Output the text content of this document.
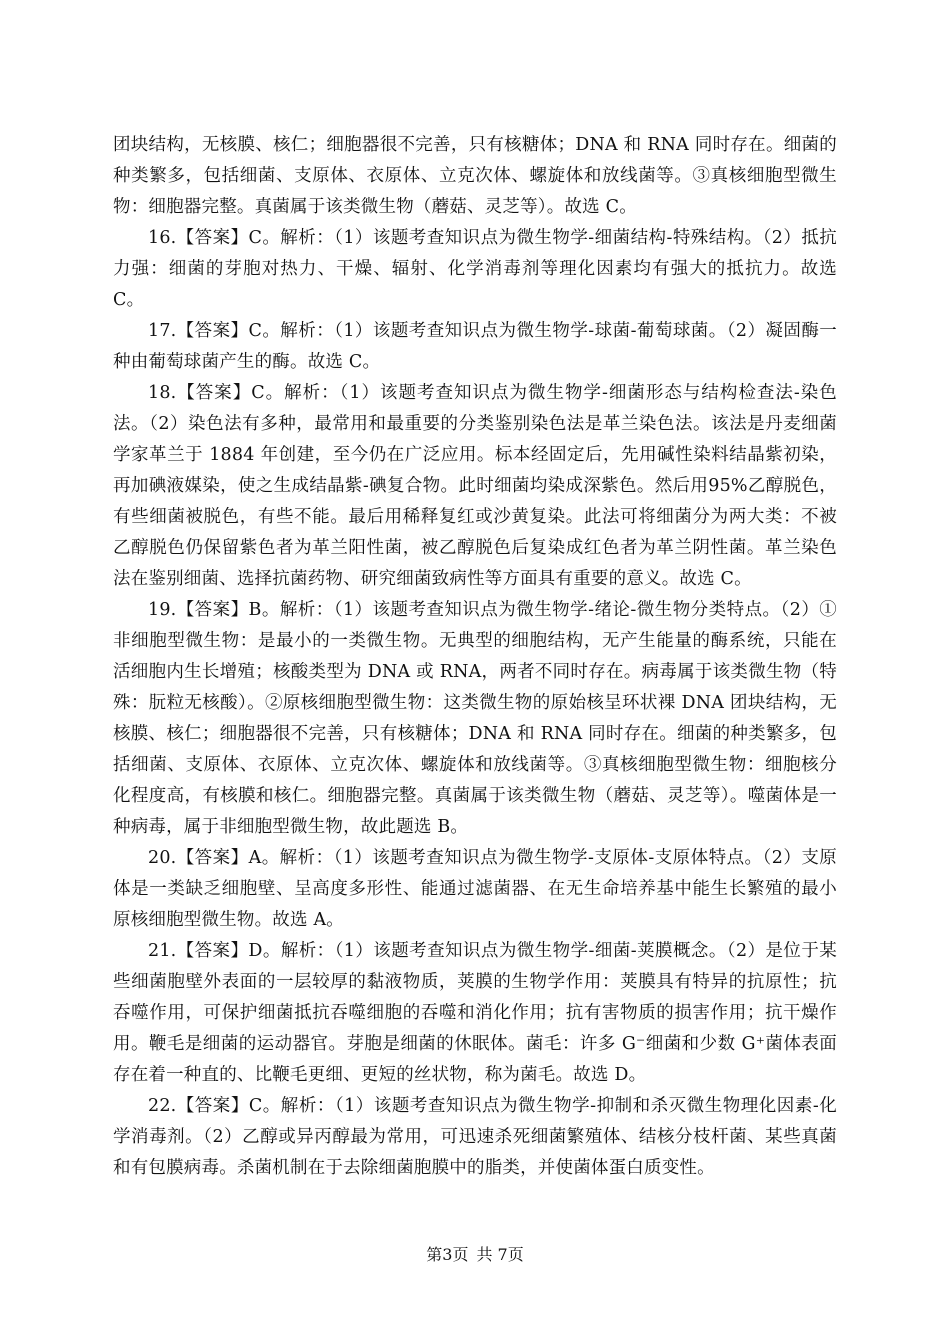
团块结构，无核膜、核仁；细胞器很不完善，只有核糖体；DNA 和 RNA 同时存在。细菌的种类繁多，包括细菌、支原体、衣原体、立克次体、螺旋体和放线菌等。③真核细胞型微生物：细胞器完整。真菌属于该类微生物（蘑菇、灵芝等）。故选 C。

16.【答案】C。解析：（1）该题考查知识点为微生物学-细菌结构-特殊结构。（2）抵抗力强：细菌的芽胞对热力、干燥、辐射、化学消毒剂等理化因素均有强大的抵抗力。故选 C。

17.【答案】C。解析：（1）该题考查知识点为微生物学-球菌-葡萄球菌。（2）凝固酶一种由葡萄球菌产生的酶。故选 C。

18.【答案】C。解析：（1）该题考查知识点为微生物学-细菌形态与结构检查法-染色法。（2）染色法有多种，最常用和最重要的分类鉴别染色法是革兰染色法。该法是丹麦细菌学家革兰于 1884 年创建，至今仍在广泛应用。标本经固定后，先用碱性染料结晶紫初染，再加碘液媒染，使之生成结晶紫-碘复合物。此时细菌均染成深紫色。然后用95%乙醇脱色，有些细菌被脱色，有些不能。最后用稀释复红或沙黄复染。此法可将细菌分为两大类：不被乙醇脱色仍保留紫色者为革兰阳性菌，被乙醇脱色后复染成红色者为革兰阴性菌。革兰染色法在鉴别细菌、选择抗菌药物、研究细菌致病性等方面具有重要的意义。故选 C。

19.【答案】B。解析：（1）该题考查知识点为微生物学-绪论-微生物分类特点。（2）①非细胞型微生物：是最小的一类微生物。无典型的细胞结构，无产生能量的酶系统，只能在活细胞内生长增殖；核酸类型为 DNA 或 RNA，两者不同时存在。病毒属于该类微生物（特殊：朊粒无核酸）。②原核细胞型微生物：这类微生物的原始核呈环状裸 DNA 团块结构，无核膜、核仁；细胞器很不完善，只有核糖体；DNA 和 RNA 同时存在。细菌的种类繁多，包括细菌、支原体、衣原体、立克次体、螺旋体和放线菌等。③真核细胞型微生物：细胞核分化程度高，有核膜和核仁。细胞器完整。真菌属于该类微生物（蘑菇、灵芝等）。噬菌体是一种病毒，属于非细胞型微生物，故此题选 B。

20.【答案】A。解析：（1）该题考查知识点为微生物学-支原体-支原体特点。（2）支原体是一类缺乏细胞壁、呈高度多形性、能通过滤菌器、在无生命培养基中能生长繁殖的最小原核细胞型微生物。故选 A。

21.【答案】D。解析：（1）该题考查知识点为微生物学-细菌-荚膜概念。（2）是位于某些细菌胞壁外表面的一层较厚的黏液物质，荚膜的生物学作用：荚膜具有特异的抗原性；抗吞噬作用，可保护细菌抵抗吞噬细胞的吞噬和消化作用；抗有害物质的损害作用；抗干燥作用。鞭毛是细菌的运动器官。芽胞是细菌的休眠体。菌毛：许多 G⁻细菌和少数 G⁺菌体表面存在着一种直的、比鞭毛更细、更短的丝状物，称为菌毛。故选 D。

22.【答案】C。解析：（1）该题考查知识点为微生物学-抑制和杀灭微生物理化因素-化学消毒剂。（2）乙醇或异丙醇最为常用，可迅速杀死细菌繁殖体、结核分枝杆菌、某些真菌和有包膜病毒。杀菌机制在于去除细菌胞膜中的脂类，并使菌体蛋白质变性。

第3页 共 7页
